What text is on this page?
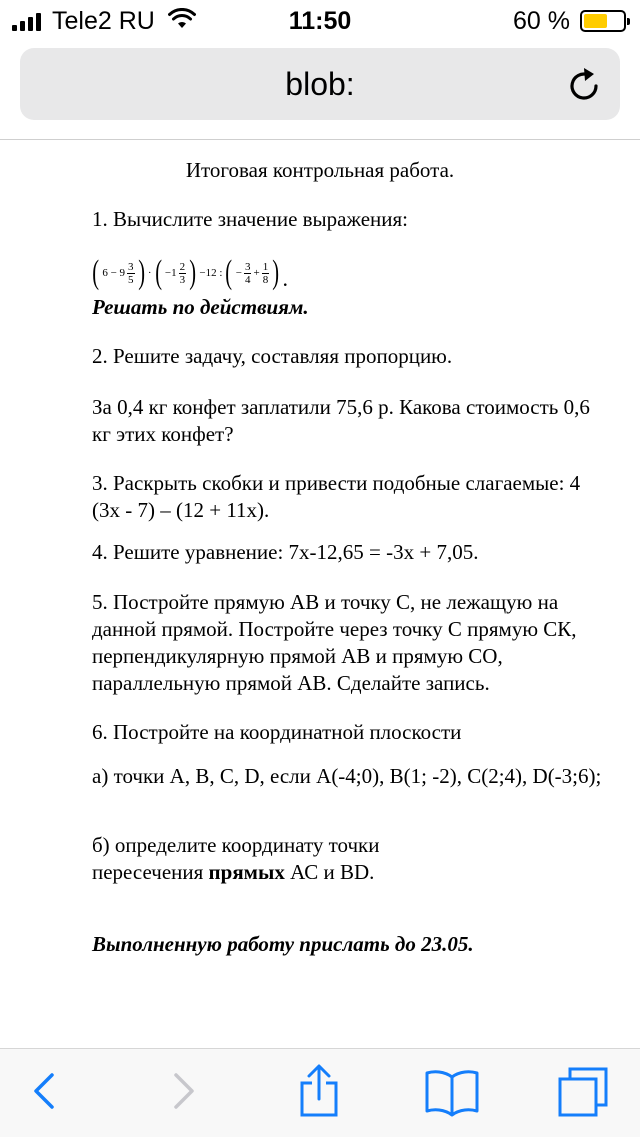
Tele2 RU	11:50	60 %
blob:

Итоговая контрольная работа.

1. Вычислите значение выражения:

( $6 - 9 \frac{3}{5}$ ) · ( $-1 \frac{2}{3}$ ) −12 : ( − $\frac{3}{4} + \frac{1}{8}$ ) .

Решать по действиям.

2. Решите задачу, составляя пропорцию.

За 0,4 кг конфет заплатили 75,6 р. Какова стоимость 0,6 кг этих конфет?

3. Раскрыть скобки и привести подобные слагаемые: 4 (3х - 7) – (12 + 11х).

4. Решите уравнение: 7х-12,65 = -3х + 7,05.

5. Постройте прямую АВ и точку С, не лежащую на данной прямой. Постройте через точку С прямую СК, перпендикулярную прямой АВ и прямую СО, параллельную прямой АВ. Сделайте запись.

6. Постройте на координатной плоскости

а) точки А, В, С, D, если А(-4;0), В(1; -2), С(2;4), D(-3;6);

б) определите координату точки
пересечения прямых АС и ВD.

Выполненную работу прислать до 23.05.
